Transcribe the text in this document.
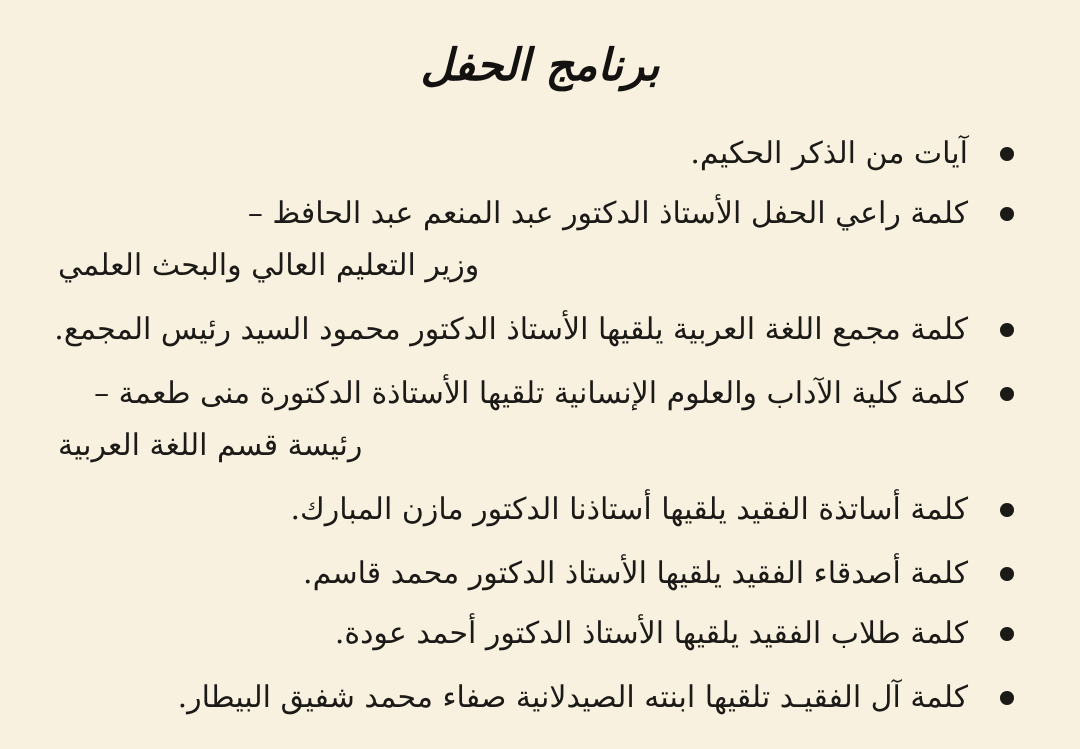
برنامج الحفل
آيات من الذكر الحكيم.
كلمة راعي الحفل الأستاذ الدكتور عبد المنعم عبد الحافظ –
وزير التعليم العالي والبحث العلمي
كلمة مجمع اللغة العربية يلقيها الأستاذ الدكتور محمود السيد رئيس المجمع.
كلمة كلية الآداب والعلوم الإنسانية تلقيها الأستاذة الدكتورة منى طعمة –
رئيسة قسم اللغة العربية
كلمة أساتذة الفقيد يلقيها أستاذنا الدكتور مازن المبارك.
كلمة أصدقاء الفقيد يلقيها الأستاذ الدكتور محمد قاسم.
كلمة طلاب الفقيد يلقيها الأستاذ الدكتور أحمد عودة.
كلمة آل الفقيـد تلقيها ابنته الصيدلانية صفاء محمد شفيق البيطار.
